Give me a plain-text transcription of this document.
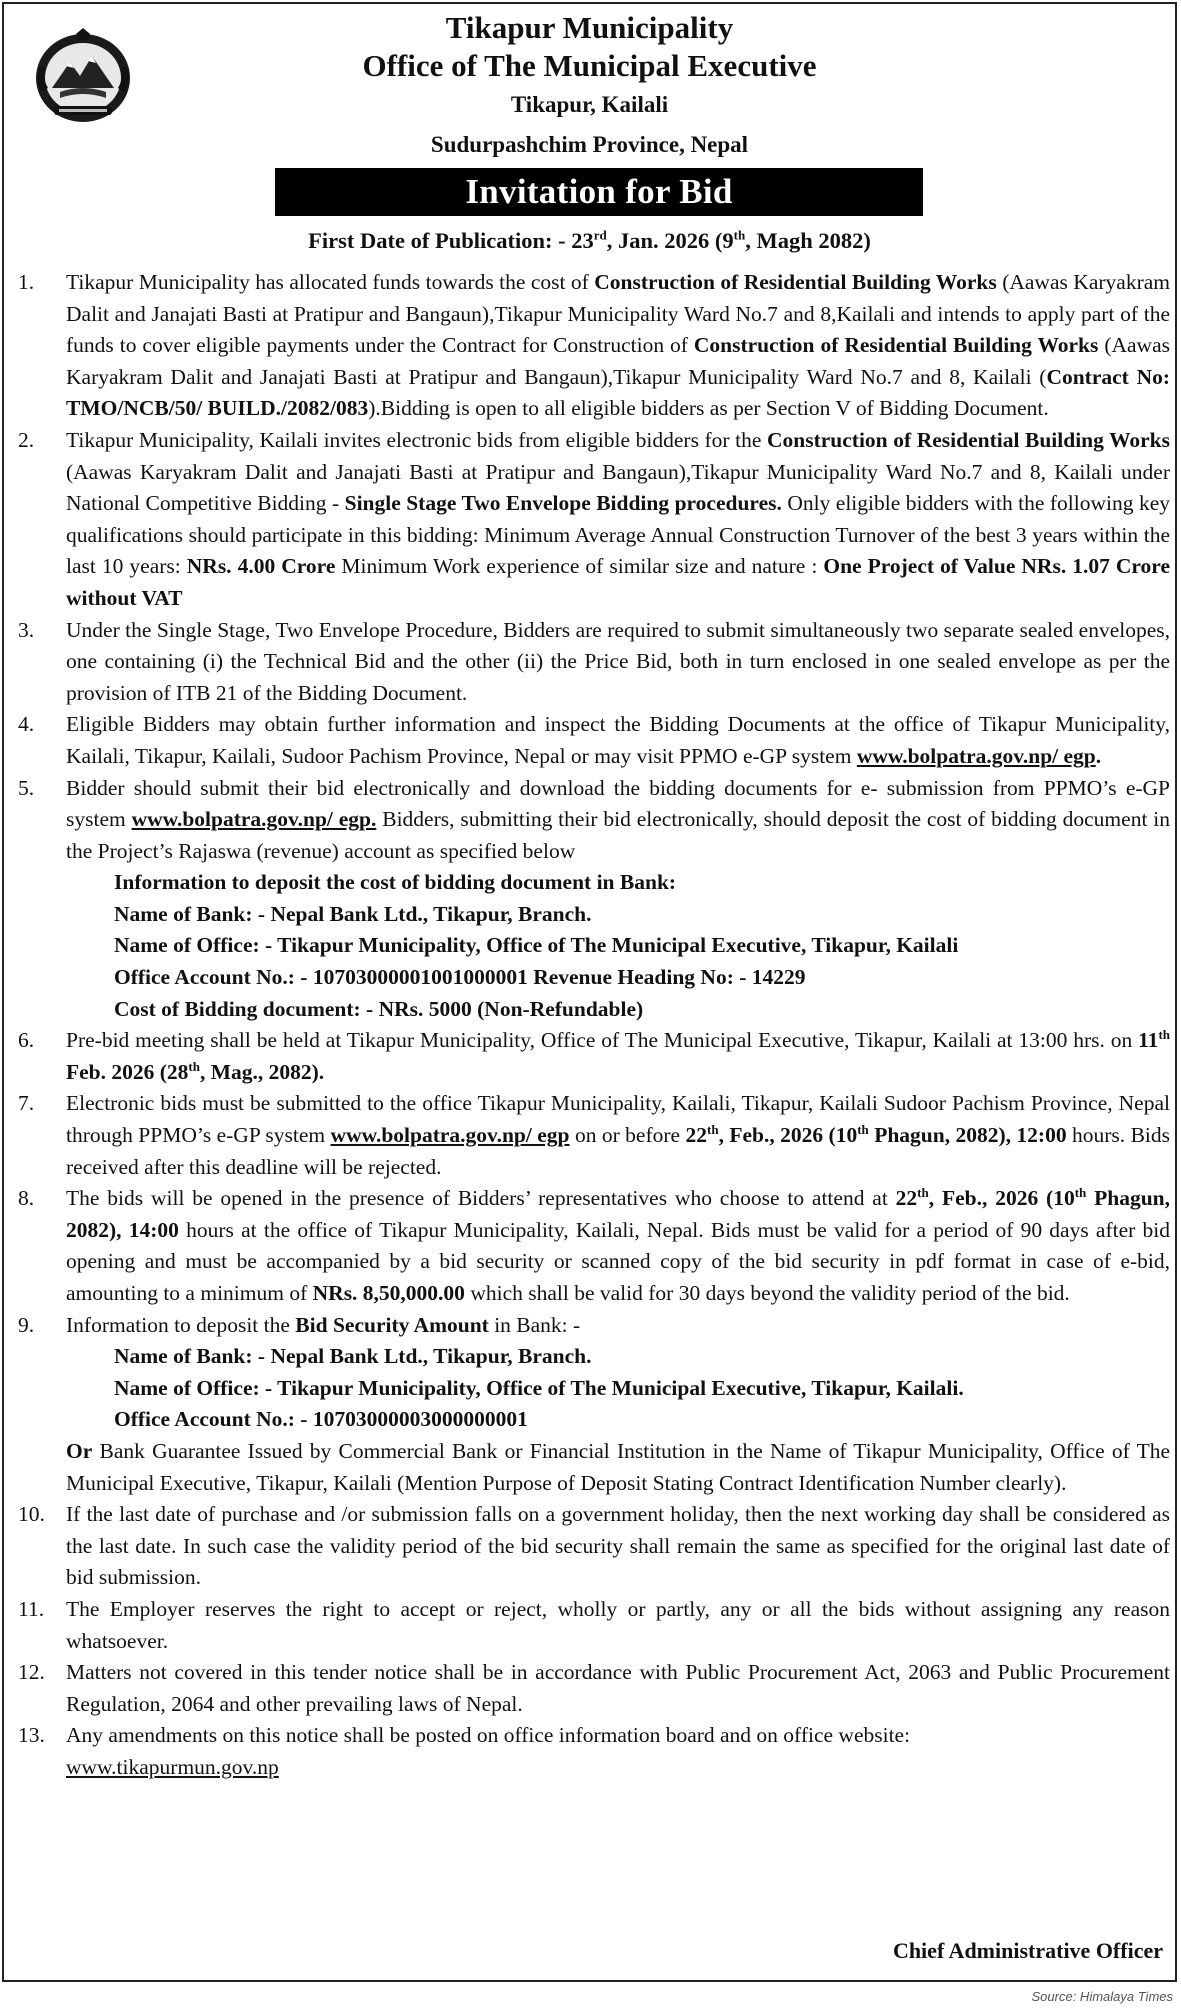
Tikapur Municipality
Office of The Municipal Executive
Tikapur, Kailali
Sudurpashchim Province, Nepal
Invitation for Bid
First Date of Publication: - 23rd, Jan. 2026 (9th, Magh 2082)
1. Tikapur Municipality has allocated funds towards the cost of Construction of Residential Building Works (Aawas Karyakram Dalit and Janajati Basti at Pratipur and Bangaun),Tikapur Municipality Ward No.7 and 8,Kailali and intends to apply part of the funds to cover eligible payments under the Contract for Construction of Construction of Residential Building Works (Aawas Karyakram Dalit and Janajati Basti at Pratipur and Bangaun),Tikapur Municipality Ward No.7 and 8, Kailali (Contract No: TMO/NCB/50/ BUILD./2082/083).Bidding is open to all eligible bidders as per Section V of Bidding Document.
2. Tikapur Municipality, Kailali invites electronic bids from eligible bidders for the Construction of Residential Building Works (Aawas Karyakram Dalit and Janajati Basti at Pratipur and Bangaun),Tikapur Municipality Ward No.7 and 8, Kailali under National Competitive Bidding - Single Stage Two Envelope Bidding procedures. Only eligible bidders with the following key qualifications should participate in this bidding: Minimum Average Annual Construction Turnover of the best 3 years within the last 10 years: NRs. 4.00 Crore Minimum Work experience of similar size and nature : One Project of Value NRs. 1.07 Crore without VAT
3. Under the Single Stage, Two Envelope Procedure, Bidders are required to submit simultaneously two separate sealed envelopes, one containing (i) the Technical Bid and the other (ii) the Price Bid, both in turn enclosed in one sealed envelope as per the provision of ITB 21 of the Bidding Document.
4. Eligible Bidders may obtain further information and inspect the Bidding Documents at the office of Tikapur Municipality, Kailali, Tikapur, Kailali, Sudoor Pachism Province, Nepal or may visit PPMO e-GP system www.bolpatra.gov.np/ egp.
5. Bidder should submit their bid electronically and download the bidding documents for e- submission from PPMO’s e-GP system www.bolpatra.gov.np/ egp. Bidders, submitting their bid electronically, should deposit the cost of bidding document in the Project’s Rajaswa (revenue) account as specified below
Information to deposit the cost of bidding document in Bank:
Name of Bank: - Nepal Bank Ltd., Tikapur, Branch.
Name of Office: - Tikapur Municipality, Office of The Municipal Executive, Tikapur, Kailali
Office Account No.: - 10703000001001000001 Revenue Heading No: - 14229
Cost of Bidding document: - NRs. 5000 (Non-Refundable)
6. Pre-bid meeting shall be held at Tikapur Municipality, Office of The Municipal Executive, Tikapur, Kailali at 13:00 hrs. on 11th Feb. 2026 (28th, Mag., 2082).
7. Electronic bids must be submitted to the office Tikapur Municipality, Kailali, Tikapur, Kailali Sudoor Pachism Province, Nepal through PPMO’s e-GP system www.bolpatra.gov.np/ egp on or before 22th, Feb., 2026 (10th Phagun, 2082), 12:00 hours. Bids received after this deadline will be rejected.
8. The bids will be opened in the presence of Bidders’ representatives who choose to attend at 22th, Feb., 2026 (10th Phagun, 2082), 14:00 hours at the office of Tikapur Municipality, Kailali, Nepal. Bids must be valid for a period of 90 days after bid opening and must be accompanied by a bid security or scanned copy of the bid security in pdf format in case of e-bid, amounting to a minimum of NRs. 8,50,000.00 which shall be valid for 30 days beyond the validity period of the bid.
9. Information to deposit the Bid Security Amount in Bank: -
Name of Bank: - Nepal Bank Ltd., Tikapur, Branch.
Name of Office: - Tikapur Municipality, Office of The Municipal Executive, Tikapur, Kailali.
Office Account No.: - 10703000003000000001
Or Bank Guarantee Issued by Commercial Bank or Financial Institution in the Name of Tikapur Municipality, Office of The Municipal Executive, Tikapur, Kailali (Mention Purpose of Deposit Stating Contract Identification Number clearly).
10. If the last date of purchase and /or submission falls on a government holiday, then the next working day shall be considered as the last date. In such case the validity period of the bid security shall remain the same as specified for the original last date of bid submission.
11. The Employer reserves the right to accept or reject, wholly or partly, any or all the bids without assigning any reason whatsoever.
12. Matters not covered in this tender notice shall be in accordance with Public Procurement Act, 2063 and Public Procurement Regulation, 2064 and other prevailing laws of Nepal.
13. Any amendments on this notice shall be posted on office information board and on office website:
www.tikapurmun.gov.np
Chief Administrative Officer
Source: Himalaya Times
